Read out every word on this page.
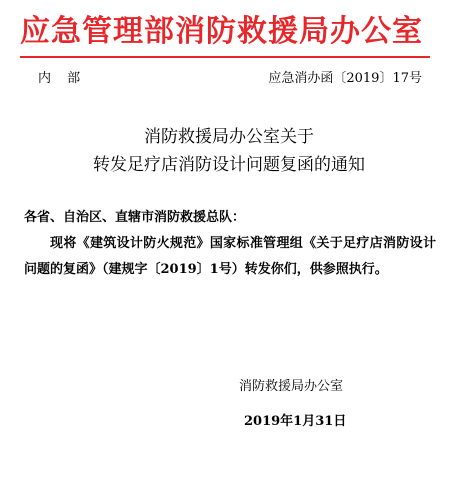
应急管理部消防救援局办公室
内 部	应急消办函〔2019〕17号
消防救援局办公室关于
转发足疗店消防设计问题复函的通知
各省、自治区、直辖市消防救援总队：
现将《建筑设计防火规范》国家标准管理组《关于足疗店消防设计问题的复函》（建规字〔2019〕1号）转发你们，供参照执行。
消防救援局办公室
2019年1月31日
